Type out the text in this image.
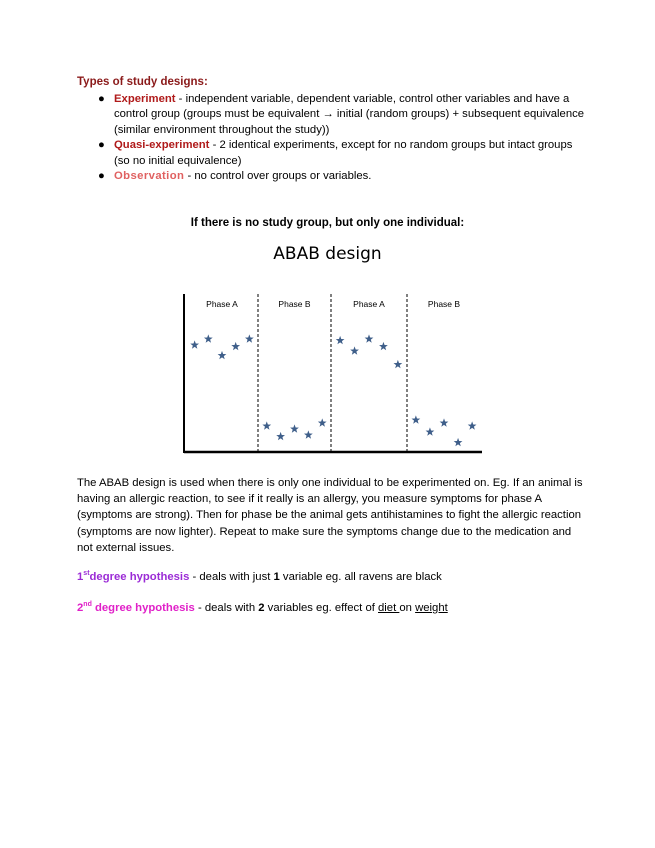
Types of study designs:
● Experiment - independent variable, dependent variable, control other variables and have a control group (groups must be equivalent → initial (random groups) + subsequent equivalence (similar environment throughout the study))
● Quasi-experiment - 2 identical experiments, except for no random groups but intact groups (so no initial equivalence)
● Observation - no control over groups or variables.
If there is no study group, but only one individual:
ABAB design
Phase A	Phase B	Phase A	Phase B
The ABAB design is used when there is only one individual to be experimented on. Eg. If an animal is having an allergic reaction, to see if it really is an allergy, you measure symptoms for phase A (symptoms are strong). Then for phase be the animal gets antihistamines to fight the allergic reaction (symptoms are now lighter). Repeat to make sure the symptoms change due to the medication and not external issues.
1stdegree hypothesis - deals with just 1 variable eg. all ravens are black
2nd degree hypothesis - deals with 2 variables eg. effect of diet on weight
